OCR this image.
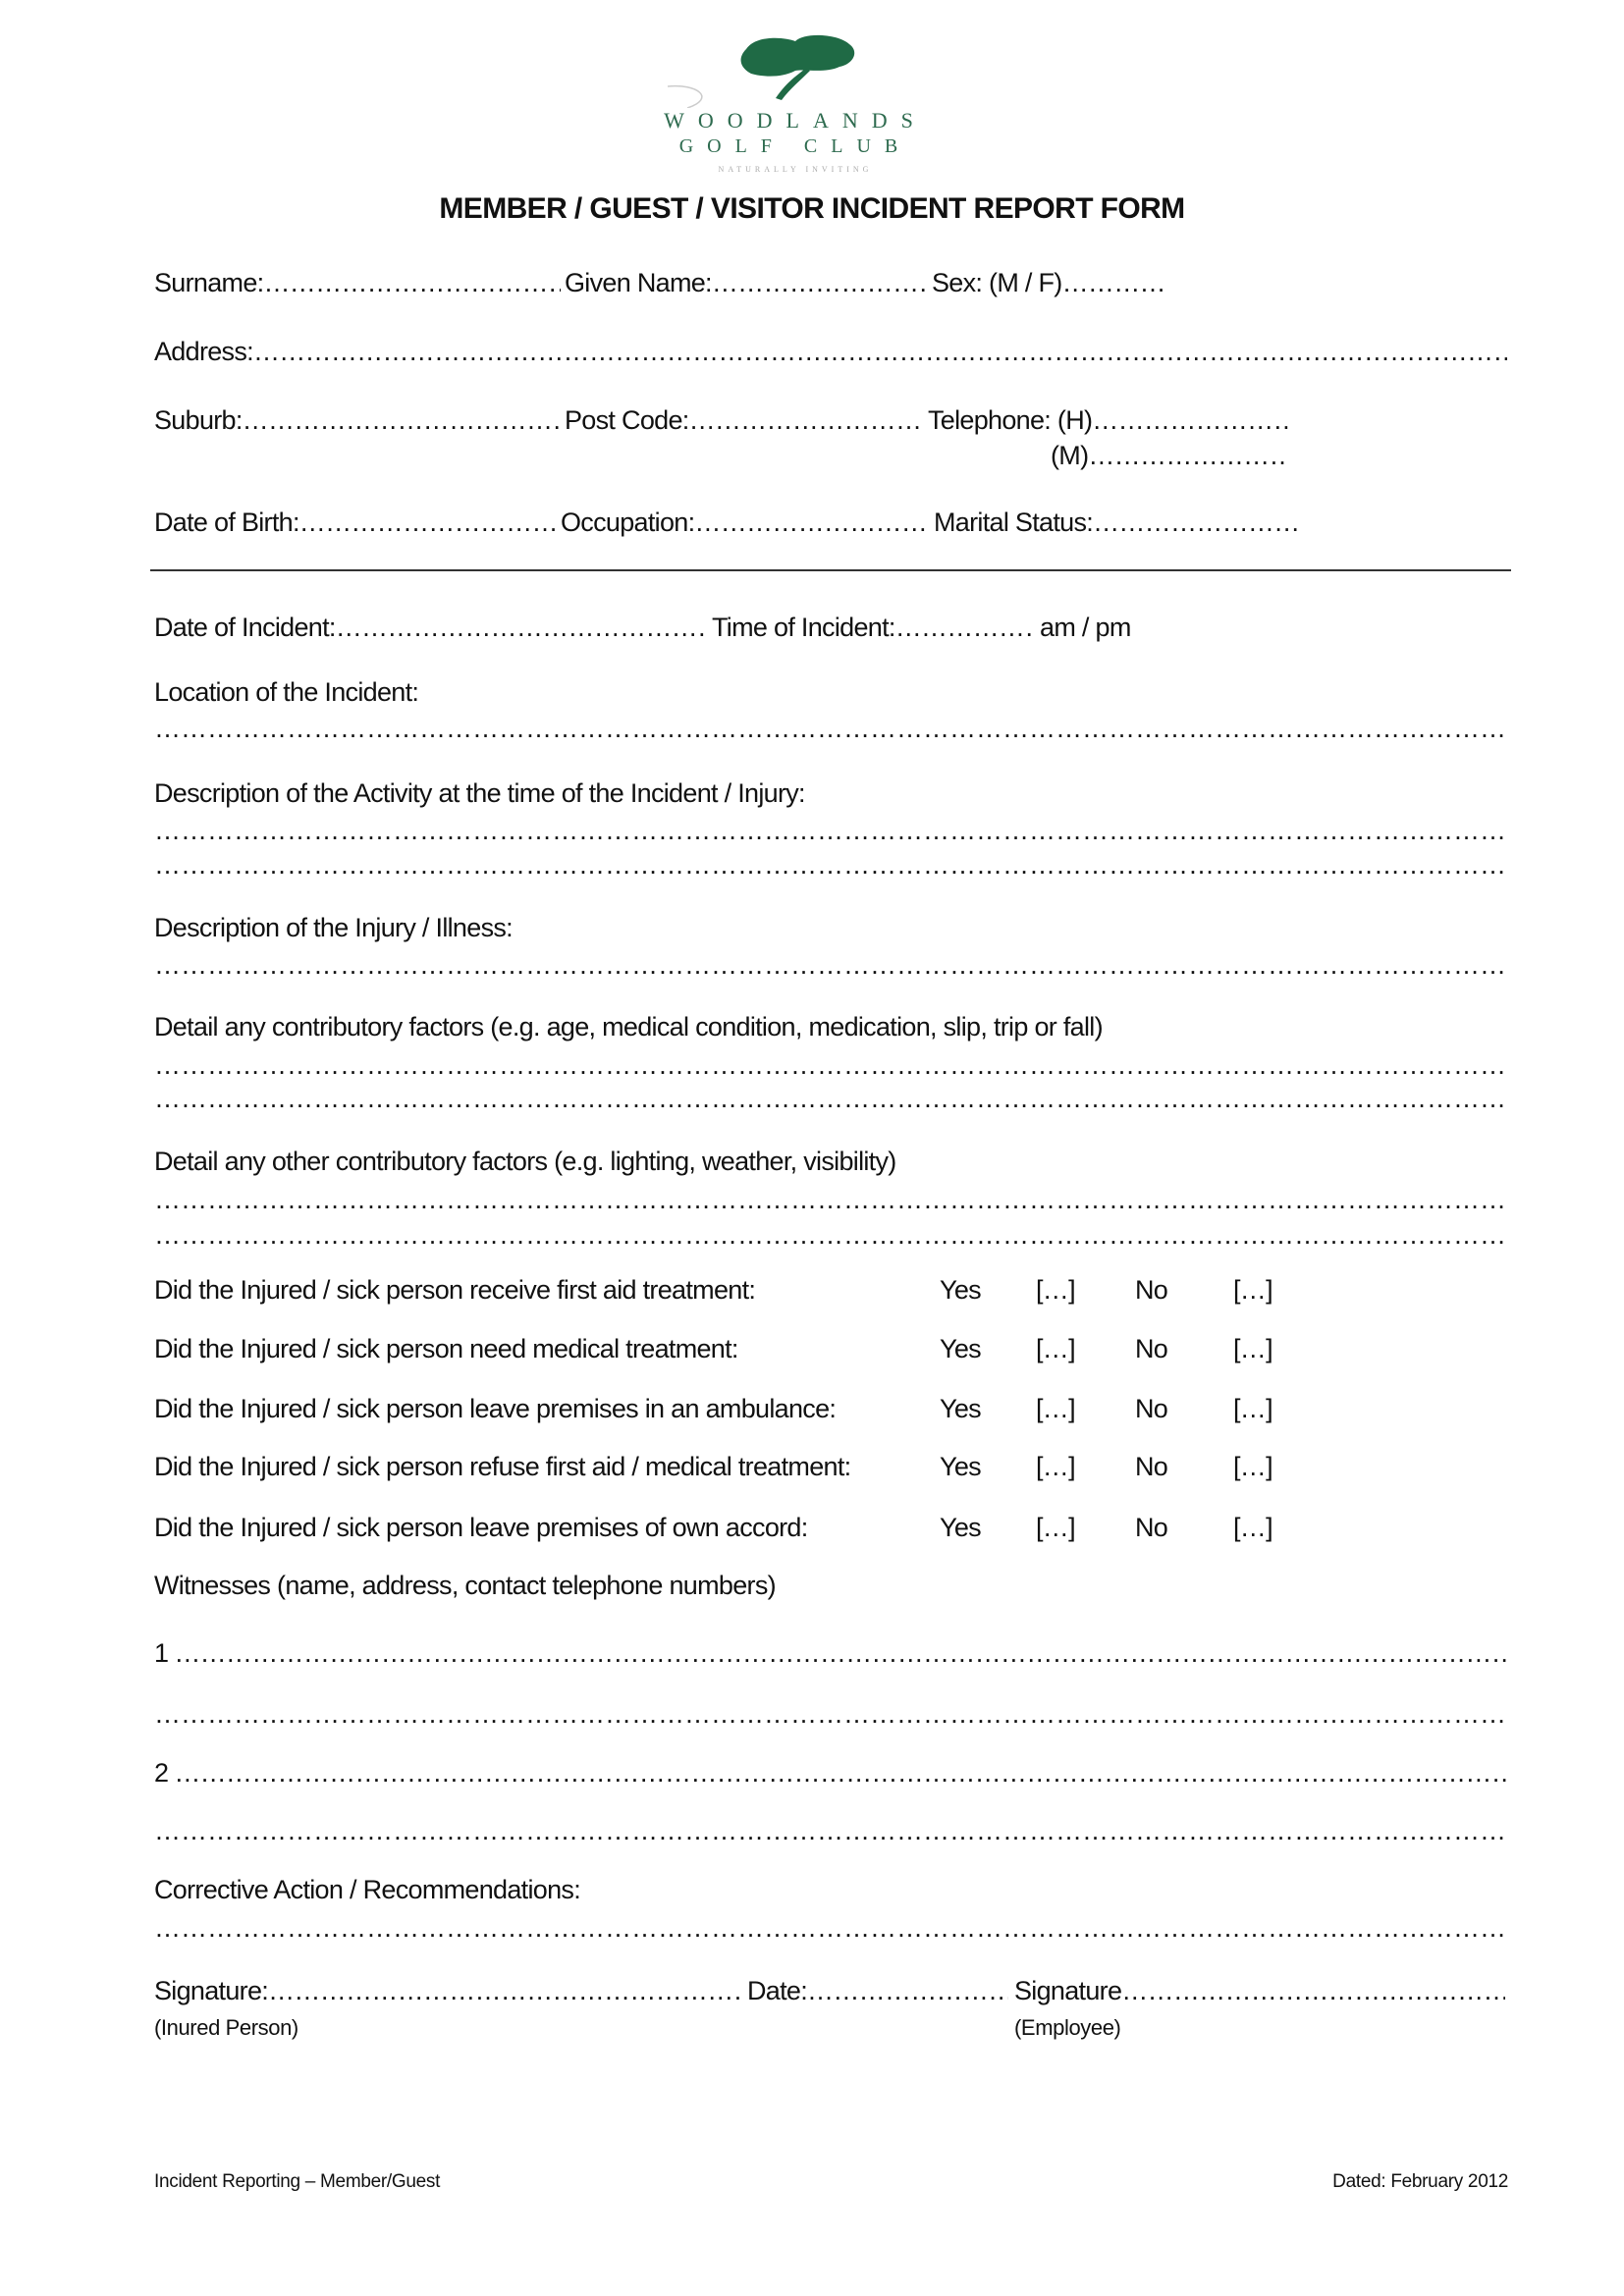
WOODLANDS
GOLF CLUB
NATURALLY INVITING
MEMBER / GUEST / VISITOR INCIDENT REPORT FORM
Surname: ……………………………………………………………………………………………………………………………………………………………………………………………………………………………………………………………………………………………	Given Name: ……………………………………………………………………………………………………………………………………………………………………………………………………………………………………………………………………………………………	Sex: (M / F)
……………………………………………………………………………………………………………………………………………………………………………………………………………………………………………………………………………………………
Address:
……………………………………………………………………………………………………………………………………………………………………………………………………………………………………………………………………………………………
Suburb: ……………………………………………………………………………………………………………………………………………………………………………………………………………………………………………………………………………………………	Post Code: ……………………………………………………………………………………………………………………………………………………………………………………………………………………………………………………………………………………………	Telephone: (H)
……………………………………………………………………………………………………………………………………………………………………………………………………………………………………………………………………………………………
(M)
……………………………………………………………………………………………………………………………………………………………………………………………………………………………………………………………………………………………
Date of Birth: ……………………………………………………………………………………………………………………………………………………………………………………………………………………………………………………………………………………………	Occupation: ……………………………………………………………………………………………………………………………………………………………………………………………………………………………………………………………………………………………	Marital Status:
……………………………………………………………………………………………………………………………………………………………………………………………………………………………………………………………………………………………
Date of Incident: ……………………………………………………………………………………………………………………………………………………………………………………………………………………………………………………………………………………………	Time of Incident: ……………………………………………………………………………………………………………………………………………………………………………………………………………………………………………………………………………………………	am / pm
Location of the Incident:
……………………………………………………………………………………………………………………………………………………………………………………………………………………………………………………………………………………………………………………
Description of the Activity at the time of the Incident / Injury:
……………………………………………………………………………………………………………………………………………………………………………………………………………………………………………………………………………………………………………………
……………………………………………………………………………………………………………………………………………………………………………………………………………………………………………………………………………………………………………………
Description of the Injury / Illness:
……………………………………………………………………………………………………………………………………………………………………………………………………………………………………………………………………………………………………………………
Detail any contributory factors (e.g. age, medical condition, medication, slip, trip or fall)
……………………………………………………………………………………………………………………………………………………………………………………………………………………………………………………………………………………………………………………
……………………………………………………………………………………………………………………………………………………………………………………………………………………………………………………………………………………………………………………
Detail any other contributory factors (e.g. lighting, weather, visibility)
……………………………………………………………………………………………………………………………………………………………………………………………………………………………………………………………………………………………………………………
……………………………………………………………………………………………………………………………………………………………………………………………………………………………………………………………………………………………………………………
Did the Injured / sick person receive first aid treatment:	Yes […] No […]
Did the Injured / sick person need medical treatment:	Yes […] No […]
Did the Injured / sick person leave premises in an ambulance:	Yes […] No […]
Did the Injured / sick person refuse first aid / medical treatment:	Yes […] No […]
Did the Injured / sick person leave premises of own accord:	Yes […] No […]
Witnesses (name, address, contact telephone numbers)
1
……………………………………………………………………………………………………………………………………………………………………………………………………………………………………………………………………………………………
……………………………………………………………………………………………………………………………………………………………………………………………………………………………………………………………………………………………………………………
2
……………………………………………………………………………………………………………………………………………………………………………………………………………………………………………………………………………………………
……………………………………………………………………………………………………………………………………………………………………………………………………………………………………………………………………………………………………………………
Corrective Action / Recommendations:
……………………………………………………………………………………………………………………………………………………………………………………………………………………………………………………………………………………………………………………
Signature: ……………………………………………………………………………………………………………………………………………………………………………………………………………………………………………………………………………………………	Date: ……………………………………………………………………………………………………………………………………………………………………………………………………………………………………………………………………………………………	Signature
……………………………………………………………………………………………………………………………………………………………………………………………………………………………………………………………………………………………
(Inured Person)	(Employee)
Incident Reporting – Member/Guest	Dated: February 2012
